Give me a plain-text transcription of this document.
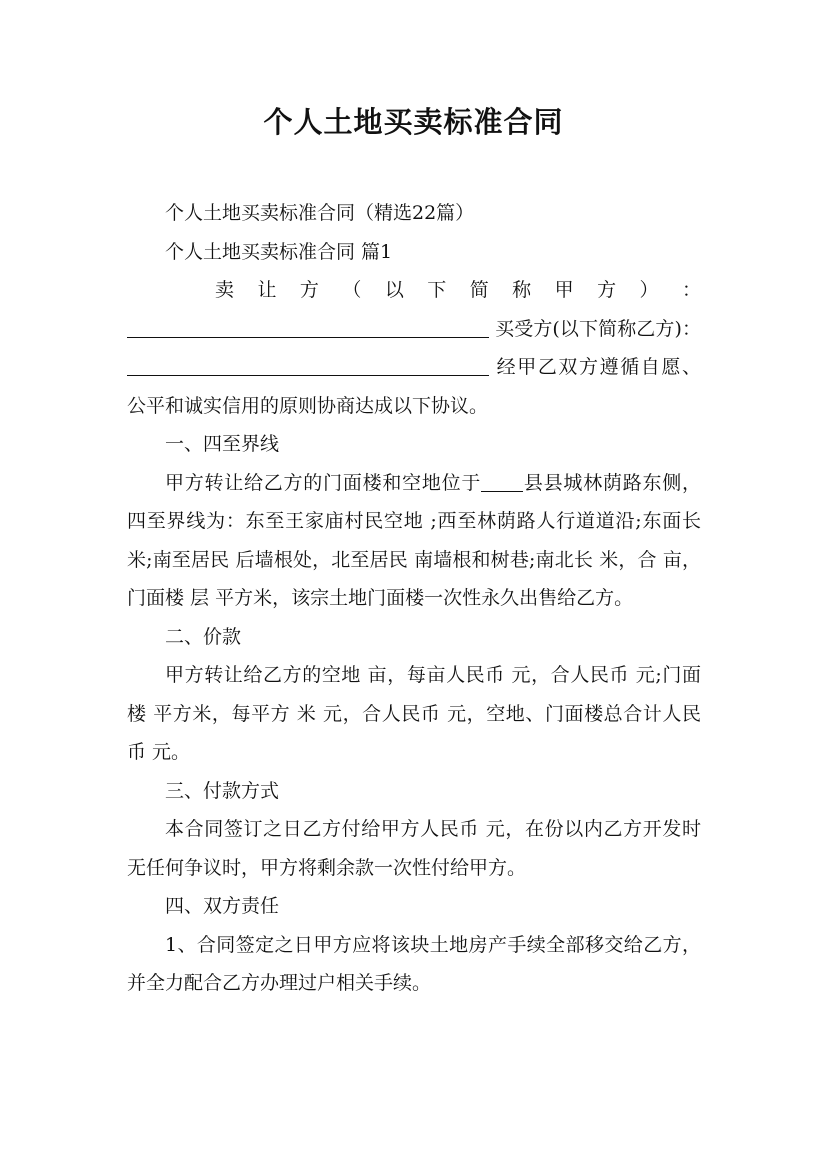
个人土地买卖标准合同

个人土地买卖标准合同（精选22篇）

个人土地买卖标准合同 篇1

卖 让 方 （ 以 下 简 称 甲 方 ） ：

买受方(以下简称乙方)： 经甲乙双方遵循自愿、公平和诚实信用的原则协商达成以下协议。

一、四至界线

甲方转让给乙方的门面楼和空地位于 县县城林荫路东侧，四至界线为：东至王家庙村民空地 ;西至林荫路人行道道沿;东面长 米;南至居民 后墙根处，北至居民 南墙根和树巷;南北长 米，合 亩，门面楼 层 平方米，该宗土地门面楼一次性永久出售给乙方。

二、价款

甲方转让给乙方的空地 亩，每亩人民币 元，合人民币 元;门面楼 平方米，每平方 米 元，合人民币 元，空地、门面楼总合计人民币 元。

三、付款方式

本合同签订之日乙方付给甲方人民币 元，在份以内乙方开发时无任何争议时，甲方将剩余款一次性付给甲方。

四、双方责任

1、合同签定之日甲方应将该块土地房产手续全部移交给乙方，并全力配合乙方办理过户相关手续。
